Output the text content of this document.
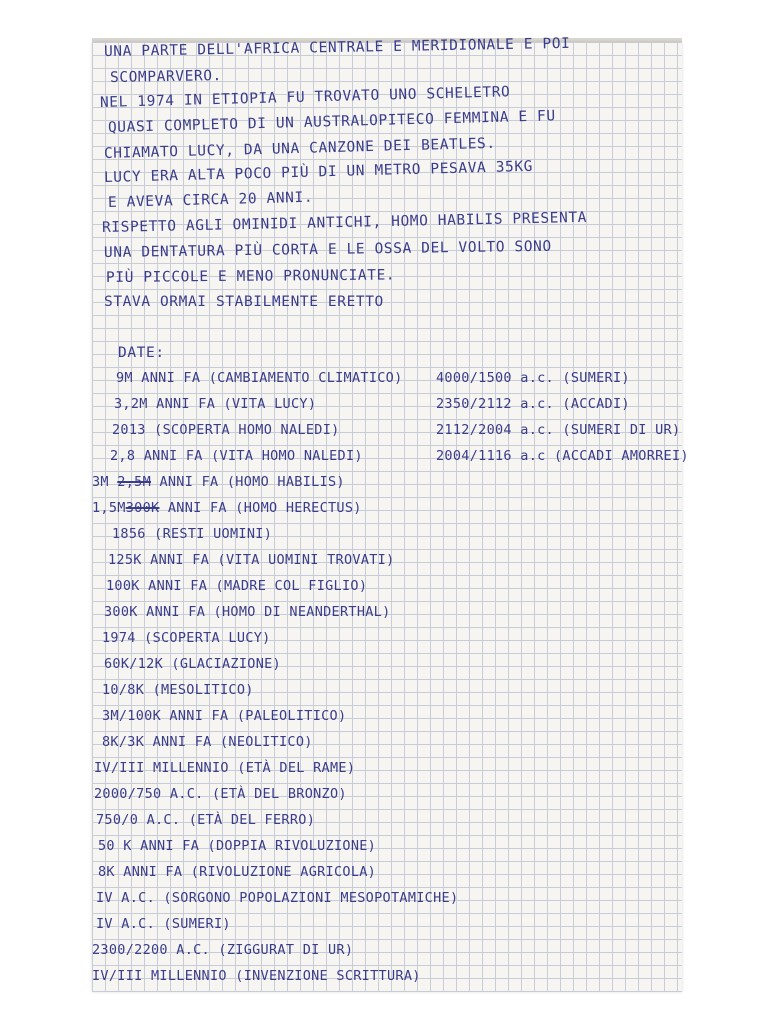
UNA PARTE DELL'AFRICA CENTRALE E MERIDIONALE E POI
SCOMPARVERO.
NEL 1974 IN ETIOPIA FU TROVATO UNO SCHELETRO
QUASI COMPLETO DI UN AUSTRALOPITECO FEMMINA E FU
CHIAMATO LUCY, DA UNA CANZONE DEI BEATLES.
LUCY ERA ALTA POCO PIÙ DI UN METRO PESAVA 35KG
E AVEVA CIRCA 20 ANNI.
RISPETTO AGLI OMINIDI ANTICHI, HOMO HABILIS PRESENTA
UNA DENTATURA PIÙ CORTA E LE OSSA DEL VOLTO SONO
PIÙ PICCOLE E MENO PRONUNCIATE.
STAVA ORMAI STABILMENTE ERETTO
DATE:
9M ANNI FA (CAMBIAMENTO CLIMATICO)
3,2M ANNI FA (VITA LUCY)
2013 (SCOPERTA HOMO NALEDI)
2,8 ANNI FA (VITA HOMO NALEDI)
3M 2,5M ANNI FA (HOMO HABILIS)
1,5M300K ANNI FA (HOMO HERECTUS)
1856 (RESTI UOMINI)
125K ANNI FA (VITA UOMINI TROVATI)
100K ANNI FA (MADRE COL FIGLIO)
300K ANNI FA (HOMO DI NEANDERTHAL)
1974 (SCOPERTA LUCY)
60K/12K (GLACIAZIONE)
10/8K (MESOLITICO)
3M/100K ANNI FA (PALEOLITICO)
8K/3K ANNI FA (NEOLITICO)
IV/III MILLENNIO (ETÀ DEL RAME)
2000/750 A.C. (ETÀ DEL BRONZO)
750/0 A.C. (ETÀ DEL FERRO)
50 K ANNI FA (DOPPIA RIVOLUZIONE)
8K ANNI FA (RIVOLUZIONE AGRICOLA)
IV A.C. (SORGONO POPOLAZIONI MESOPOTAMICHE)
IV A.C. (SUMERI)
2300/2200 A.C. (ZIGGURAT DI UR)
IV/III MILLENNIO (INVENZIONE SCRITTURA)
4000/1500 a.c. (SUMERI)
2350/2112 a.c. (ACCADI)
2112/2004 a.c. (SUMERI DI UR)
2004/1116 a.c (ACCADI AMORREI)
